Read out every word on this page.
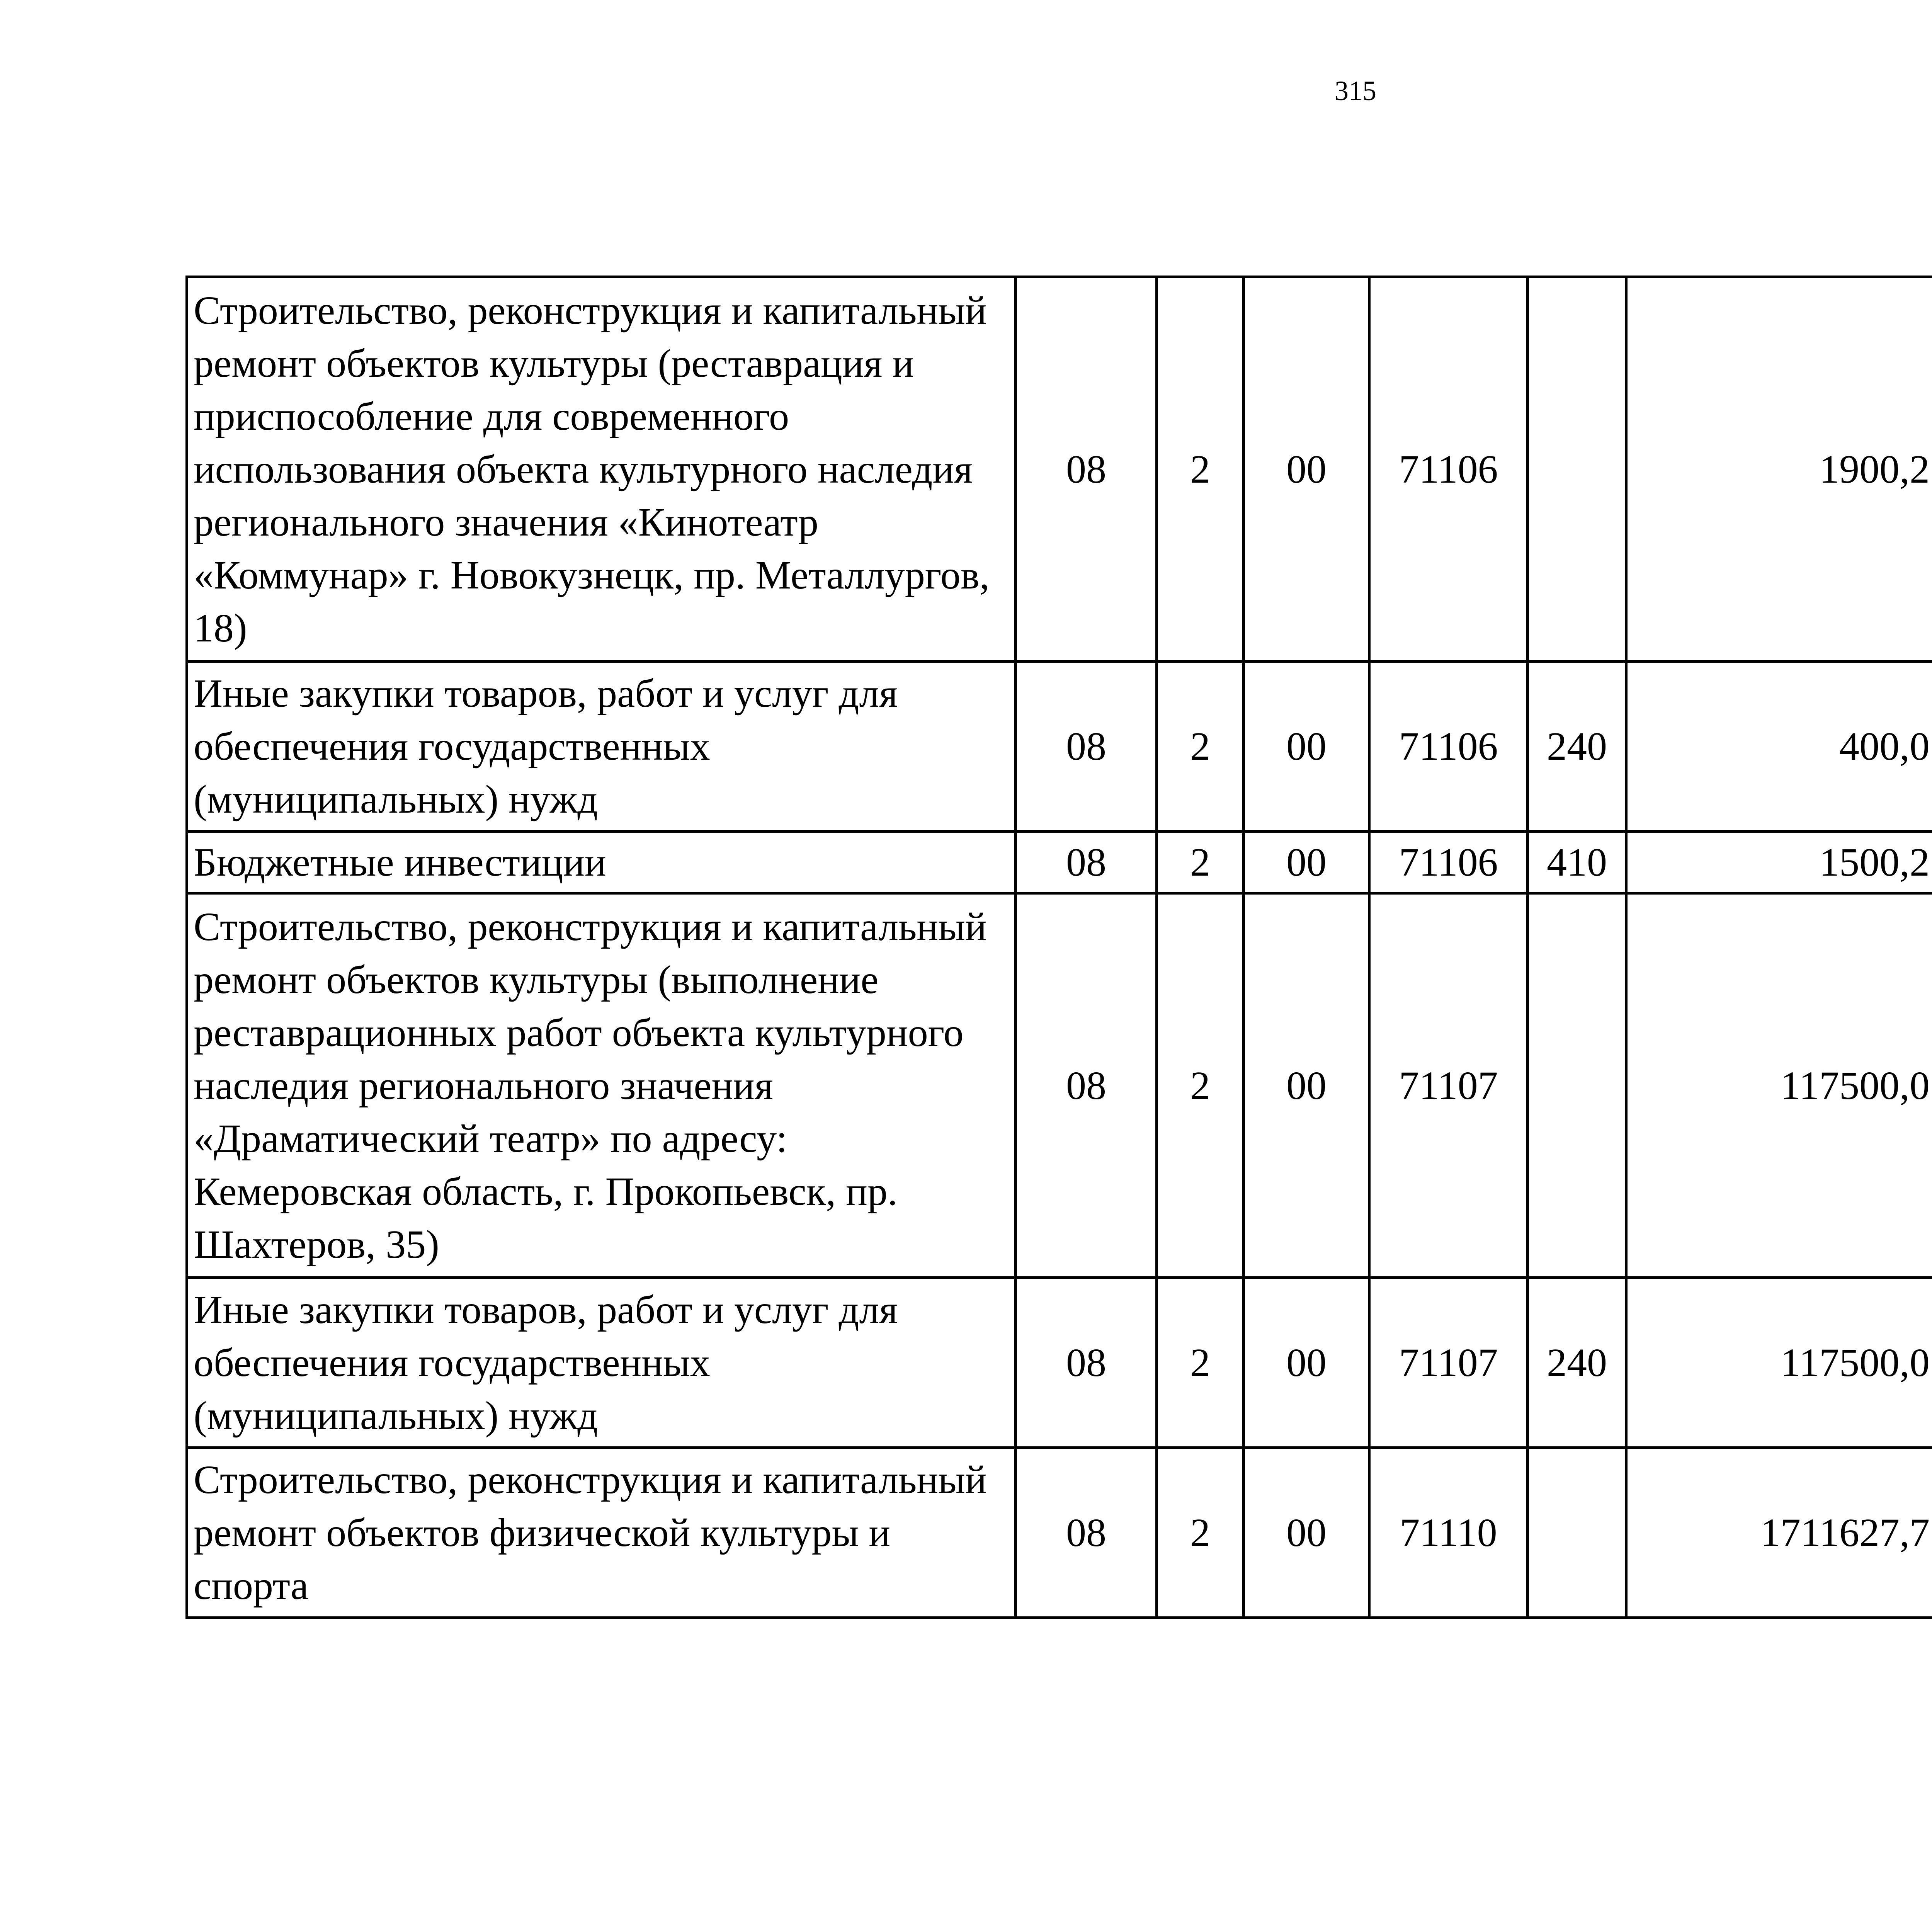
315
Строительство, реконструкция и капитальный ремонт объектов культуры (реставрация и приспособление для современного использования объекта культурного наследия регионального значения «Кинотеатр «Коммунар» г. Новокузнецк, пр. Металлургов, 18)	08	2	00	71106		1900,2		
Иные закупки товаров, работ и услуг для обеспечения государственных (муниципальных) нужд	08	2	00	71106	240	400,0		
Бюджетные инвестиции	08	2	00	71106	410	1500,2		
Строительство, реконструкция и капитальный ремонт объектов культуры (выполнение реставрационных работ объекта культурного наследия регионального значения «Драматический театр» по адресу: Кемеровская область, г. Прокопьевск, пр. Шахтеров, 35)	08	2	00	71107		117500,0		
Иные закупки товаров, работ и услуг для обеспечения государственных (муниципальных) нужд	08	2	00	71107	240	117500,0		
Строительство, реконструкция и капитальный ремонт объектов физической культуры и спорта	08	2	00	71110		1711627,7		
